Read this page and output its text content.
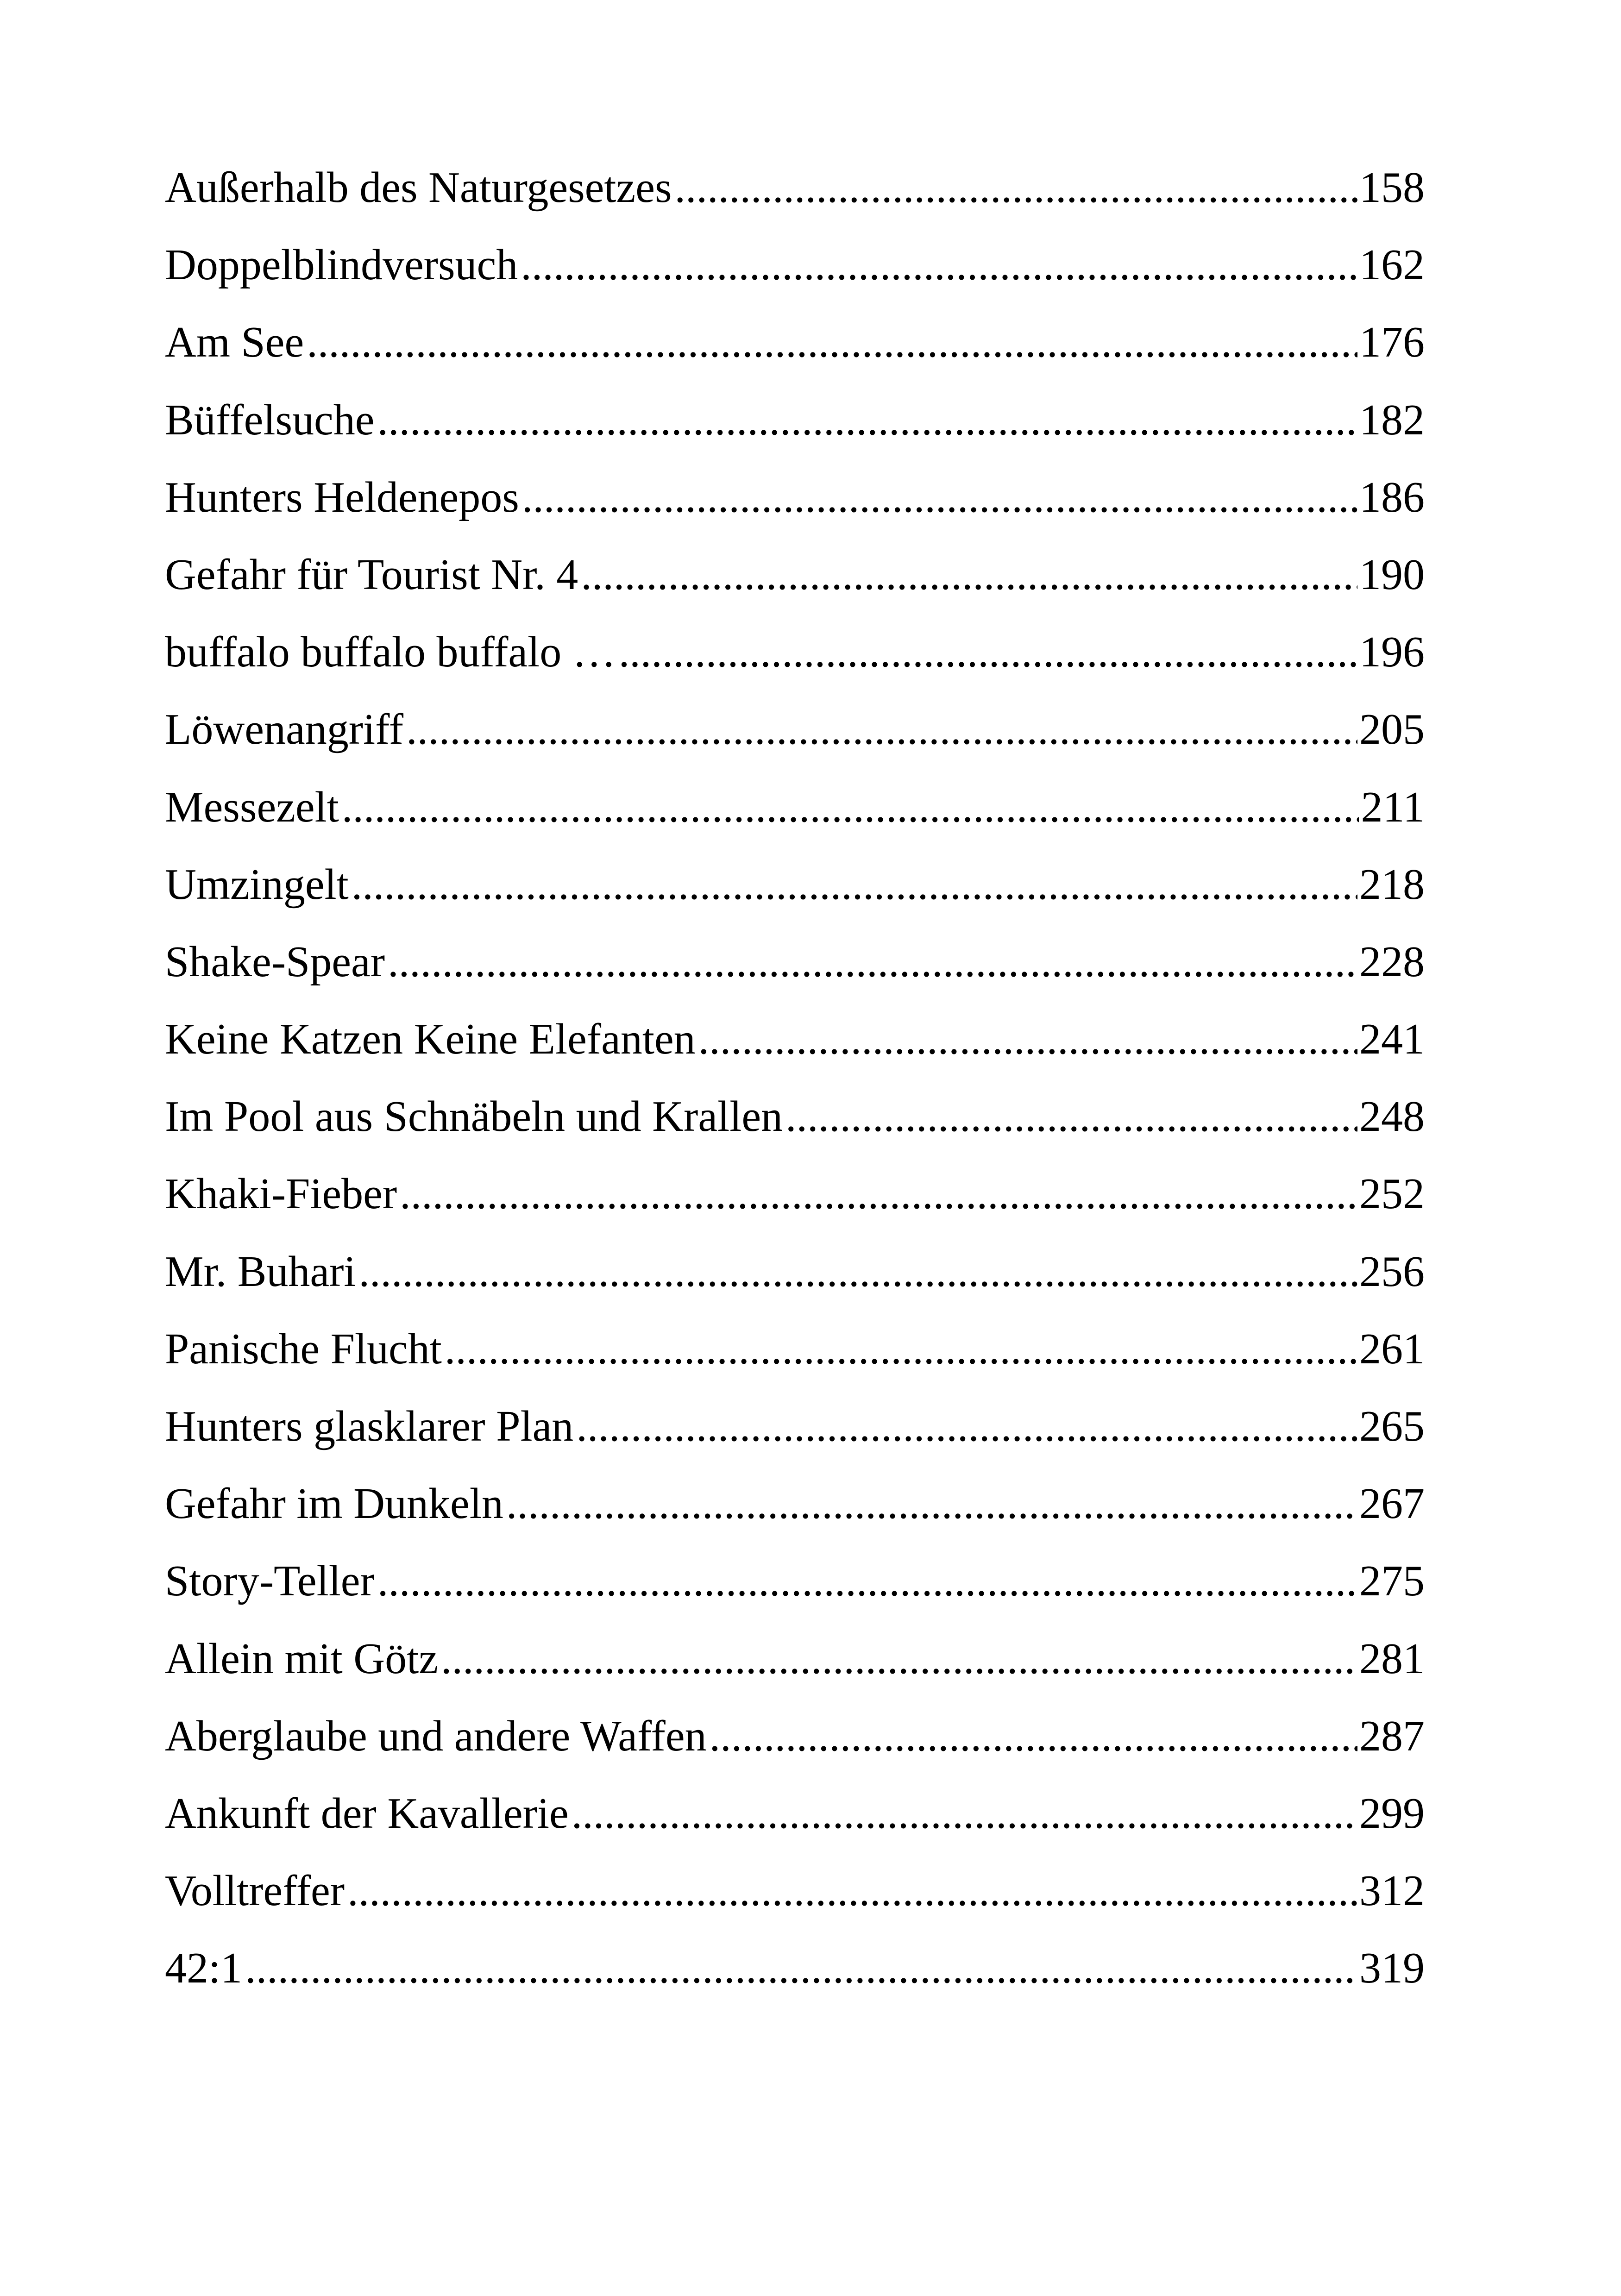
Außerhalb des Naturgesetzes .....	158
Doppelblindversuch .....	162
Am See .....	176
Büffelsuche .....	182
Hunters Heldenepos .....	186
Gefahr für Tourist Nr. 4 .....	190
buffalo buffalo buffalo … .....	196
Löwenangriff .....	205
Messezelt .....	211
Umzingelt .....	218
Shake-Spear .....	228
Keine Katzen Keine Elefanten .....	241
Im Pool aus Schnäbeln und Krallen .....	248
Khaki-Fieber .....	252
Mr. Buhari .....	256
Panische Flucht .....	261
Hunters glasklarer Plan .....	265
Gefahr im Dunkeln .....	267
Story-Teller .....	275
Allein mit Götz .....	281
Aberglaube und andere Waffen .....	287
Ankunft der Kavallerie .....	299
Volltreffer .....	312
42:1 .....	319
